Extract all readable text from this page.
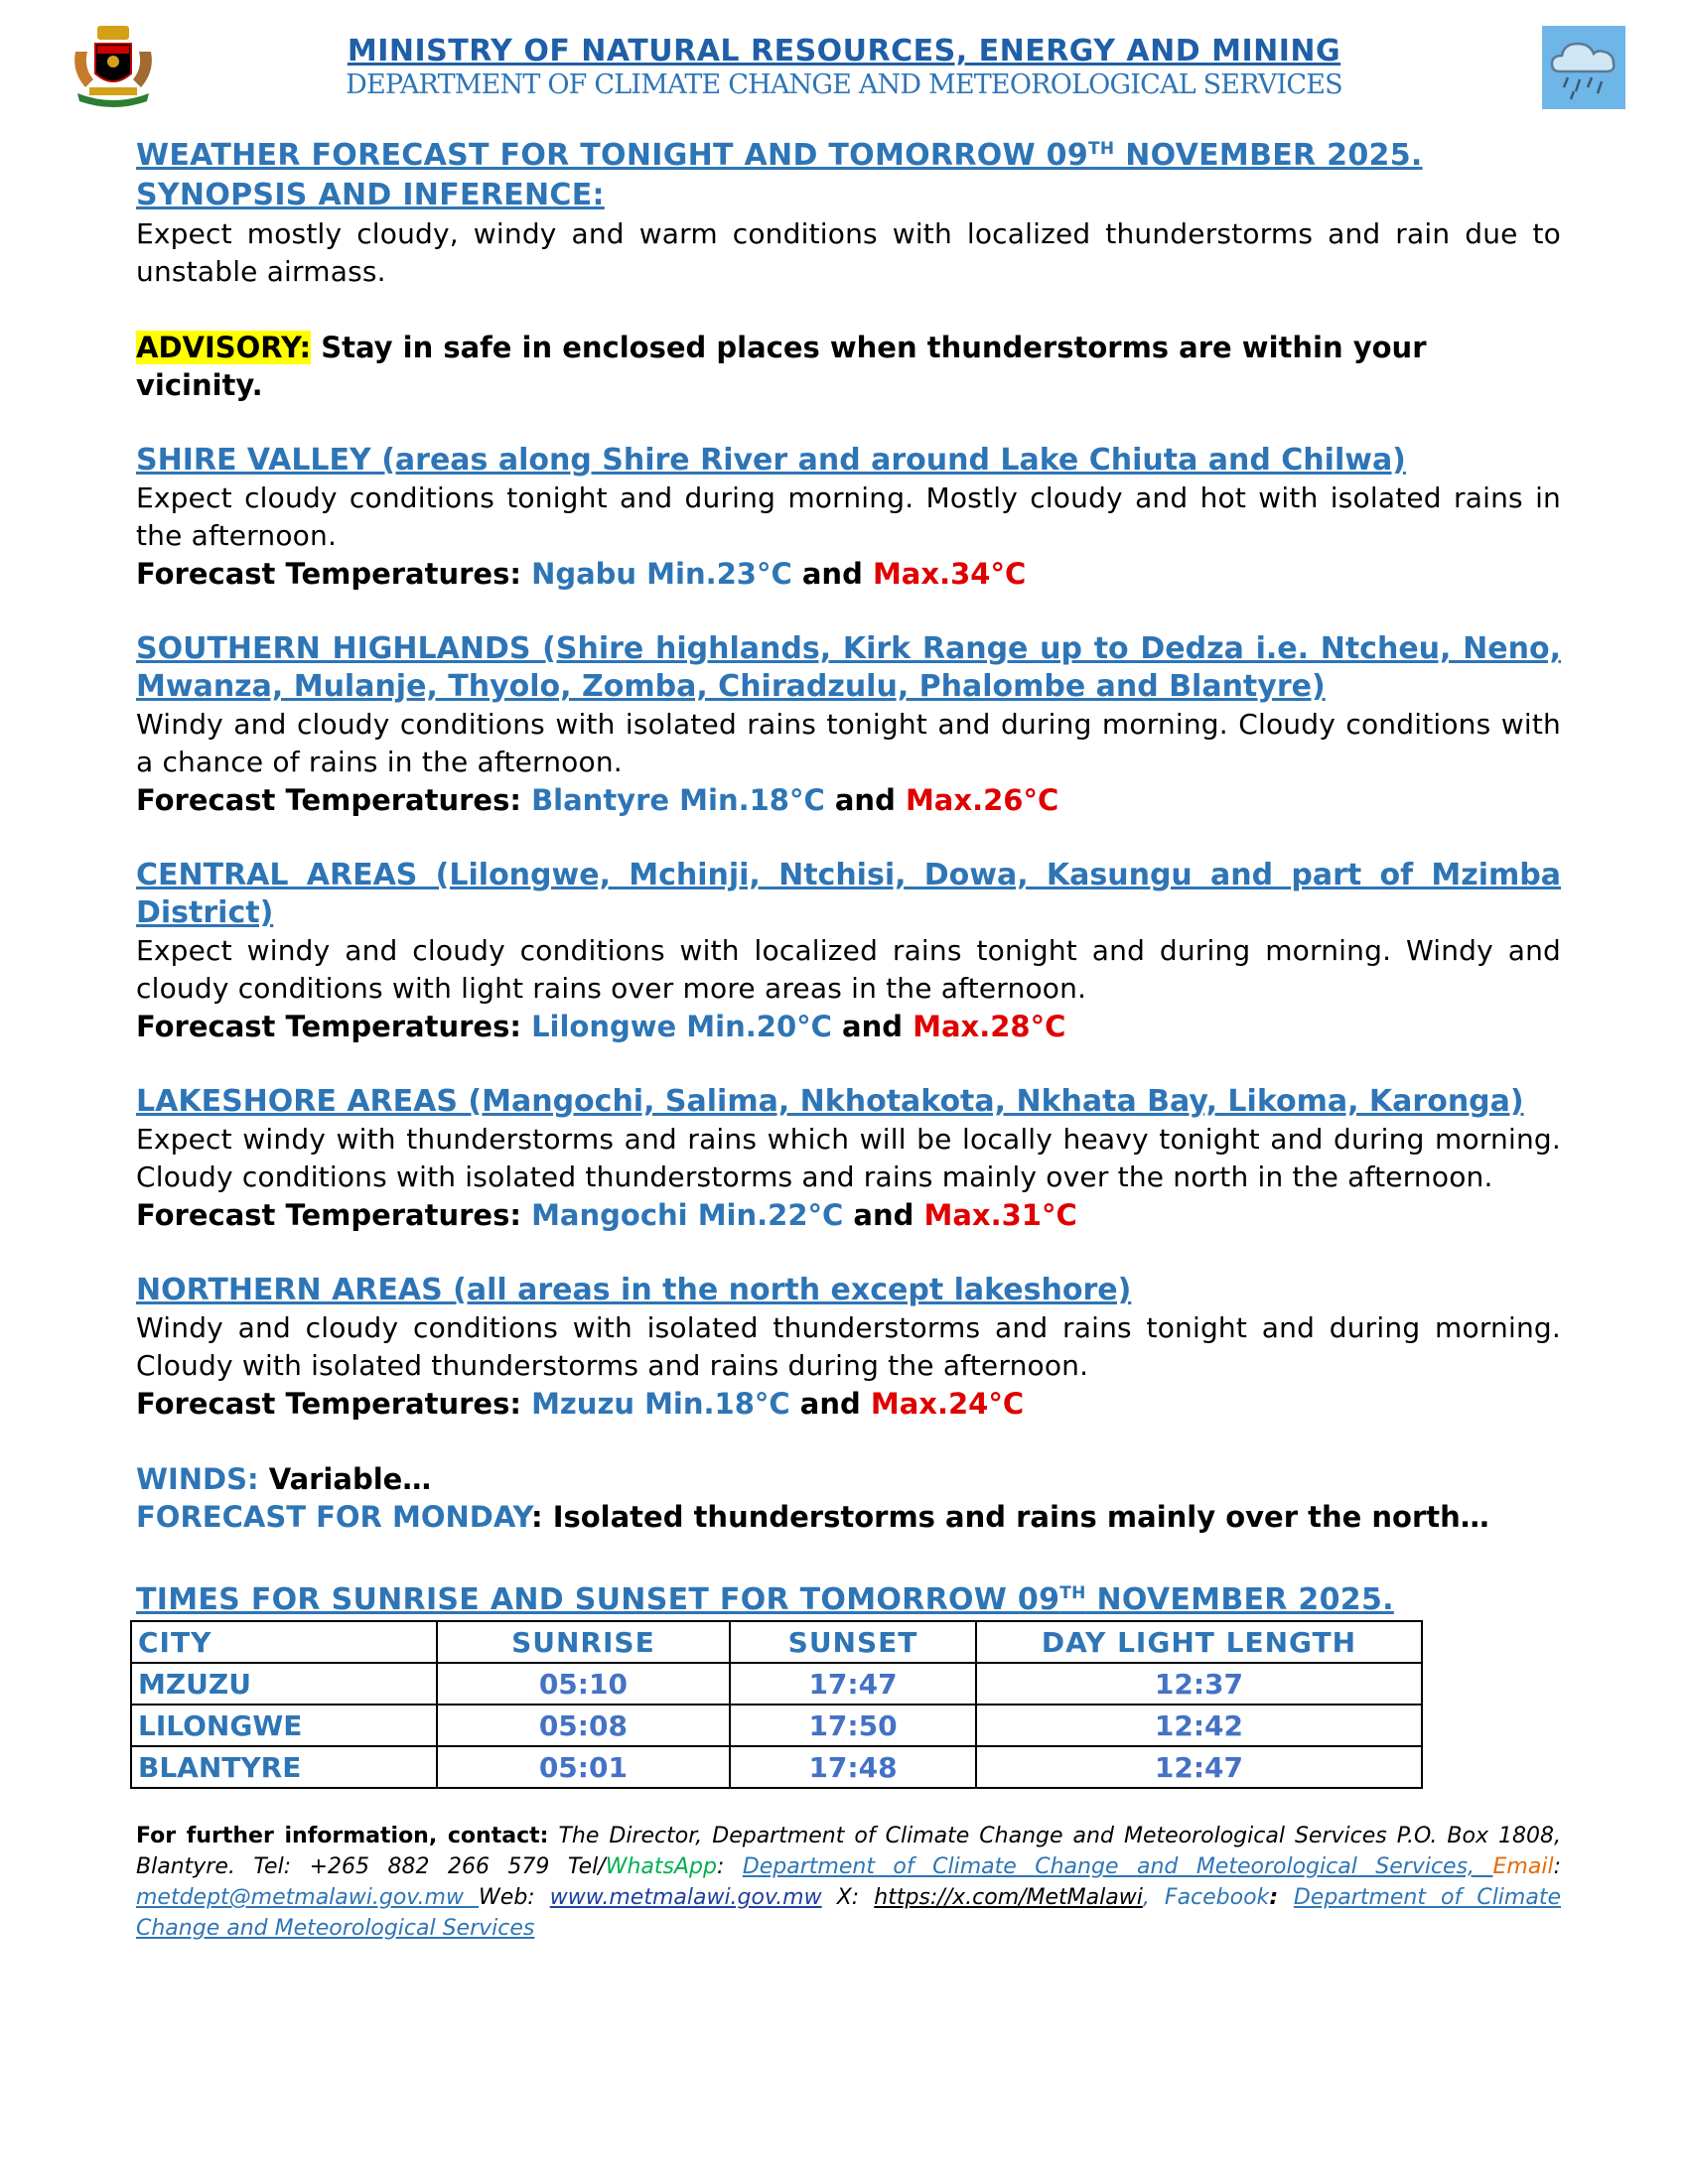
MINISTRY OF NATURAL RESOURCES, ENERGY AND MINING
DEPARTMENT OF CLIMATE CHANGE AND METEOROLOGICAL SERVICES
WEATHER FORECAST FOR TONIGHT AND TOMORROW 09TH NOVEMBER 2025.
SYNOPSIS AND INFERENCE:
Expect mostly cloudy, windy and warm conditions with localized thunderstorms and rain due to unstable airmass.
ADVISORY: Stay in safe in enclosed places when thunderstorms are within your vicinity.
SHIRE VALLEY (areas along Shire River and around Lake Chiuta and Chilwa)
Expect cloudy conditions tonight and during morning. Mostly cloudy and hot with isolated rains in the afternoon.
Forecast Temperatures: Ngabu Min.23°C and Max.34°C
SOUTHERN HIGHLANDS (Shire highlands, Kirk Range up to Dedza i.e. Ntcheu, Neno, Mwanza, Mulanje, Thyolo, Zomba, Chiradzulu, Phalombe and Blantyre)
Windy and cloudy conditions with isolated rains tonight and during morning. Cloudy conditions with a chance of rains in the afternoon.
Forecast Temperatures: Blantyre Min.18°C and Max.26°C
CENTRAL AREAS (Lilongwe, Mchinji, Ntchisi, Dowa, Kasungu and part of Mzimba District)
Expect windy and cloudy conditions with localized rains tonight and during morning. Windy and cloudy conditions with light rains over more areas in the afternoon.
Forecast Temperatures: Lilongwe Min.20°C and Max.28°C
LAKESHORE AREAS (Mangochi, Salima, Nkhotakota, Nkhata Bay, Likoma, Karonga)
Expect windy with thunderstorms and rains which will be locally heavy tonight and during morning. Cloudy conditions with isolated thunderstorms and rains mainly over the north in the afternoon.
Forecast Temperatures: Mangochi Min.22°C and Max.31°C
NORTHERN AREAS (all areas in the north except lakeshore)
Windy and cloudy conditions with isolated thunderstorms and rains tonight and during morning. Cloudy with isolated thunderstorms and rains during the afternoon.
Forecast Temperatures: Mzuzu Min.18°C and Max.24°C
WINDS: Variable…
FORECAST FOR MONDAY: Isolated thunderstorms and rains mainly over the north…
TIMES FOR SUNRISE AND SUNSET FOR TOMORROW 09TH NOVEMBER 2025.
CITY	SUNRISE	SUNSET	DAY LIGHT LENGTH
MZUZU	05:10	17:47	12:37
LILONGWE	05:08	17:50	12:42
BLANTYRE	05:01	17:48	12:47
For further information, contact: The Director, Department of Climate Change and Meteorological Services P.O. Box 1808, Blantyre. Tel: +265 882 266 579 Tel/WhatsApp: Department of Climate Change and Meteorological Services, Email: metdept@metmalawi.gov.mw Web: www.metmalawi.gov.mw X: https://x.com/MetMalawi, Facebook: Department of Climate Change and Meteorological Services
